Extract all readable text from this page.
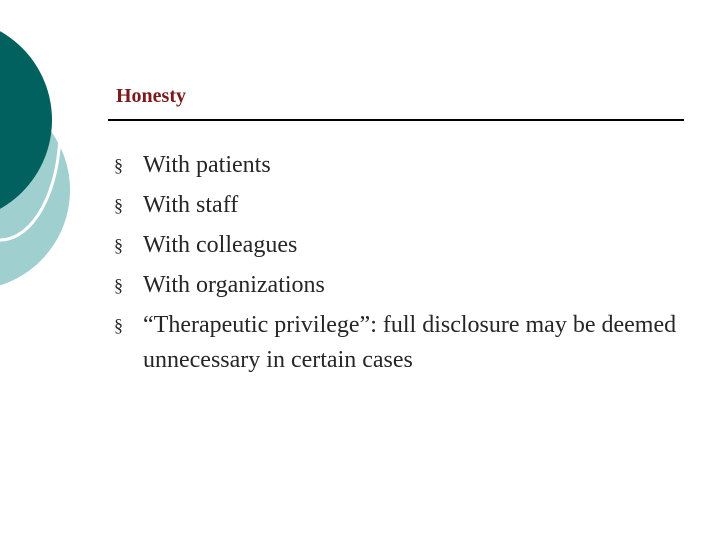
Honesty
§ With patients
§ With staff
§ With colleagues
§ With organizations
§ “Therapeutic privilege”: full disclosure may be deemed unnecessary in certain cases
